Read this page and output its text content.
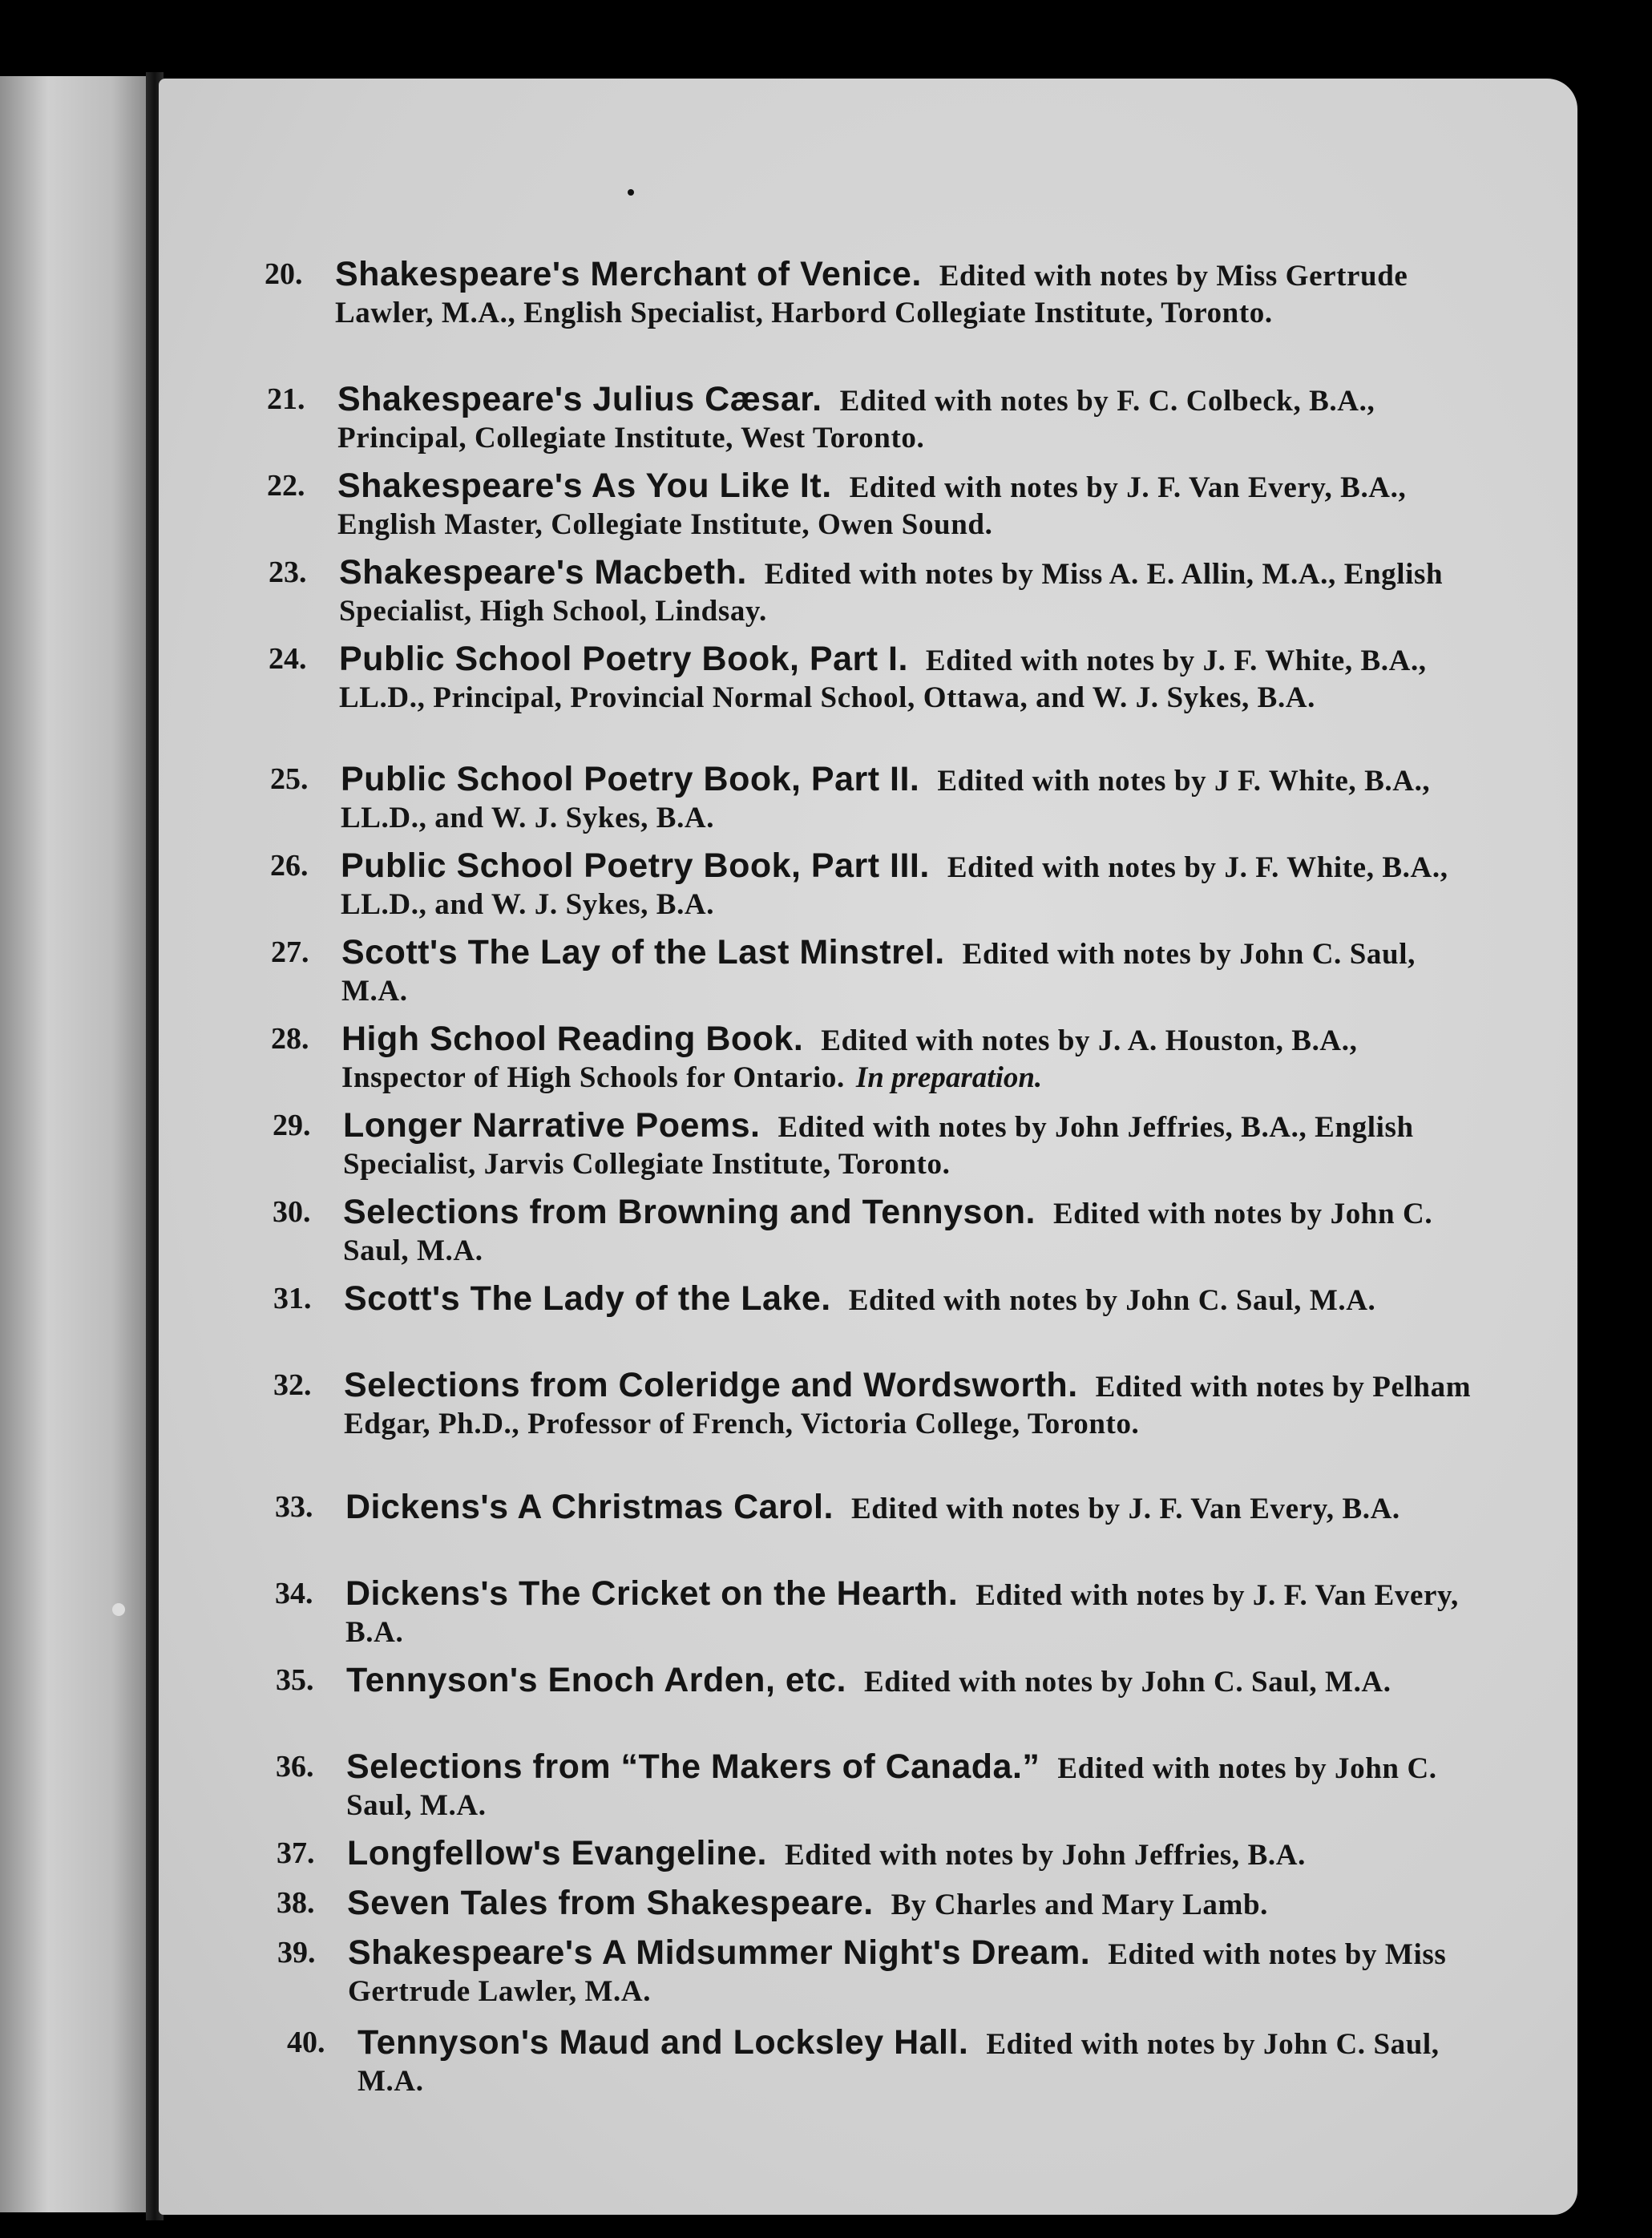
20. Shakespeare's Merchant of Venice. Edited with notes by Miss Gertrude Lawler, M.A., English Specialist, Harbord Collegiate Institute, Toronto.
21. Shakespeare's Julius Cæsar. Edited with notes by F. C. Colbeck, B.A., Principal, Collegiate Institute, West Toronto.
22. Shakespeare's As You Like It. Edited with notes by J. F. Van Every, B.A., English Master, Collegiate Institute, Owen Sound.
23. Shakespeare's Macbeth. Edited with notes by Miss A. E. Allin, M.A., English Specialist, High School, Lindsay.
24. Public School Poetry Book, Part I. Edited with notes by J. F. White, B.A., LL.D., Principal, Provincial Normal School, Ottawa, and W. J. Sykes, B.A.
25. Public School Poetry Book, Part II. Edited with notes by J F. White, B.A., LL.D., and W. J. Sykes, B.A.
26. Public School Poetry Book, Part III. Edited with notes by J. F. White, B.A., LL.D., and W. J. Sykes, B.A.
27. Scott's The Lay of the Last Minstrel. Edited with notes by John C. Saul, M.A.
28. High School Reading Book. Edited with notes by J. A. Houston, B.A., Inspector of High Schools for Ontario. In preparation.
29. Longer Narrative Poems. Edited with notes by John Jeffries, B.A., English Specialist, Jarvis Collegiate Institute, Toronto.
30. Selections from Browning and Tennyson. Edited with notes by John C. Saul, M.A.
31. Scott's The Lady of the Lake. Edited with notes by John C. Saul, M.A.
32. Selections from Coleridge and Wordsworth. Edited with notes by Pelham Edgar, Ph.D., Professor of French, Victoria College, Toronto.
33. Dickens's A Christmas Carol. Edited with notes by J. F. Van Every, B.A.
34. Dickens's The Cricket on the Hearth. Edited with notes by J. F. Van Every, B.A.
35. Tennyson's Enoch Arden, etc. Edited with notes by John C. Saul, M.A.
36. Selections from “The Makers of Canada.” Edited with notes by John C. Saul, M.A.
37. Longfellow's Evangeline. Edited with notes by John Jeffries, B.A.
38. Seven Tales from Shakespeare. By Charles and Mary Lamb.
39. Shakespeare's A Midsummer Night's Dream. Edited with notes by Miss Gertrude Lawler, M.A.
40. Tennyson's Maud and Locksley Hall. Edited with notes by John C. Saul, M.A.
